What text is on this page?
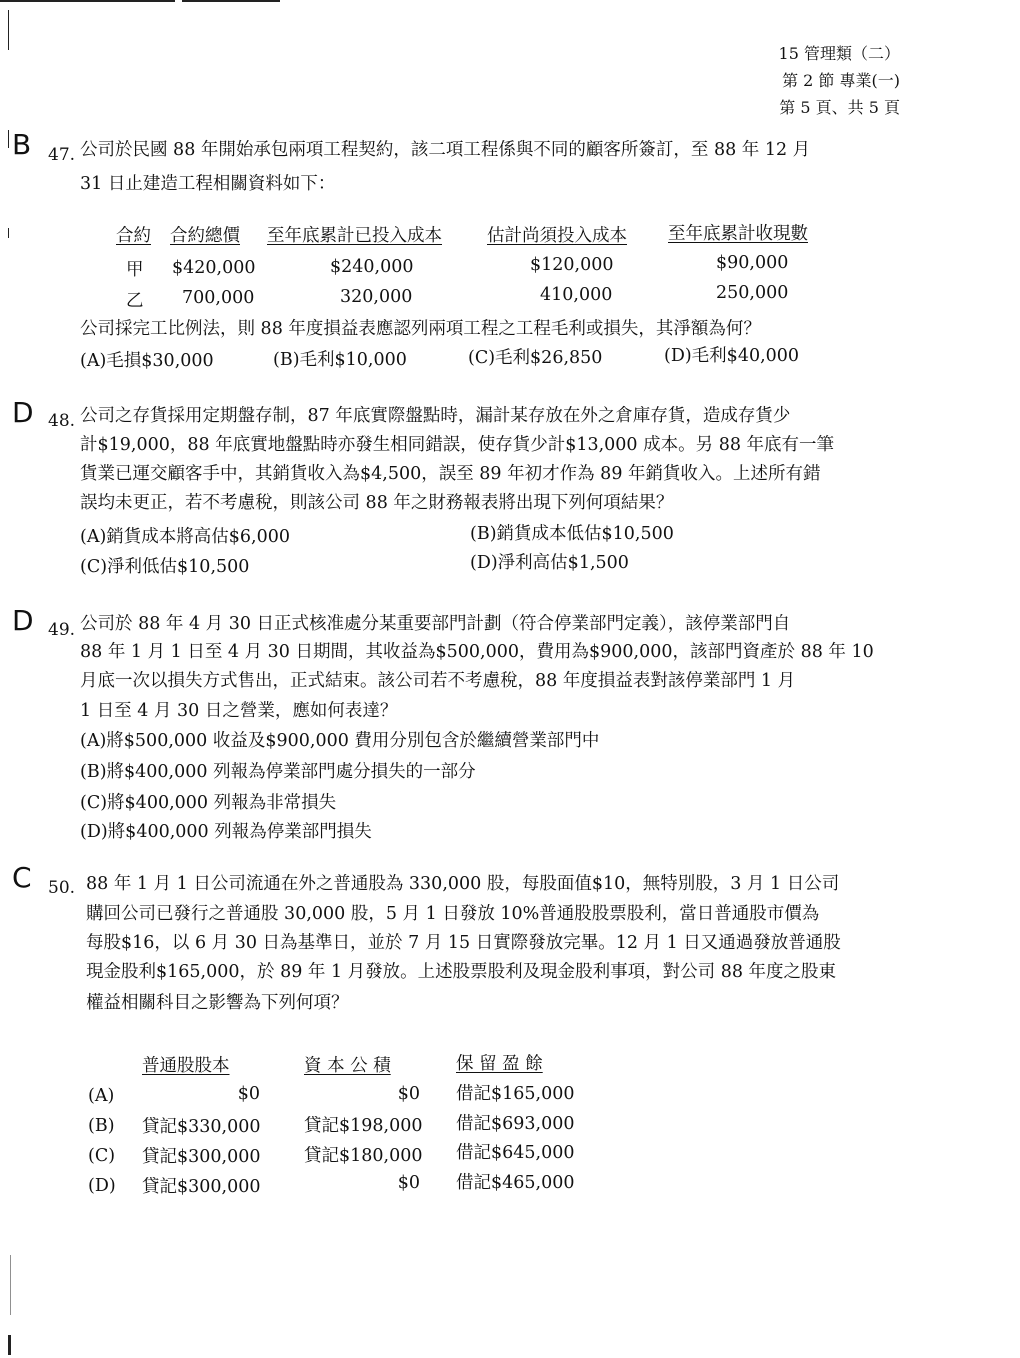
15 管理類（二）
第 2 節 專業(一)
第 5 頁、共 5 頁
B 47. 公司於民國 88 年開始承包兩項工程契約，該二項工程係與不同的顧客所簽訂，至 88 年 12 月
31 日止建造工程相關資料如下：
合約 合約總價 至年底累計已投入成本	估計尚須投入成本 至年底累計收現數
甲 $420,000	$240,000	$120,000	$90,000
乙 700,000	320,000	410,000	250,000
公司採完工比例法，則 88 年度損益表應認列兩項工程之工程毛利或損失，其淨額為何？
(A)毛損$30,000	(B)毛利$10,000	(C)毛利$26,850	(D)毛利$40,000
D 48. 公司之存貨採用定期盤存制，87 年底實際盤點時，漏計某存放在外之倉庫存貨，造成存貨少
計$19,000，88 年底實地盤點時亦發生相同錯誤，使存貨少計$13,000 成本。另 88 年底有一筆
貨業已運交顧客手中，其銷貨收入為$4,500，誤至 89 年初才作為 89 年銷貨收入。上述所有錯
誤均未更正，若不考慮稅，則該公司 88 年之財務報表將出現下列何項結果？
(A)銷貨成本將高估$6,000	(B)銷貨成本低估$10,500
(C)淨利低估$10,500	(D)淨利高估$1,500
D 49. 公司於 88 年 4 月 30 日正式核准處分某重要部門計劃（符合停業部門定義），該停業部門自
88 年 1 月 1 日至 4 月 30 日期間，其收益為$500,000，費用為$900,000，該部門資產於 88 年 10
月底一次以損失方式售出，正式結束。該公司若不考慮稅，88 年度損益表對該停業部門 1 月
1 日至 4 月 30 日之營業，應如何表達？
(A)將$500,000 收益及$900,000 費用分別包含於繼續營業部門中
(B)將$400,000 列報為停業部門處分損失的一部分
(C)將$400,000 列報為非常損失
(D)將$400,000 列報為停業部門損失
C 50. 88 年 1 月 1 日公司流通在外之普通股為 330,000 股，每股面值$10，無特別股，3 月 1 日公司
購回公司已發行之普通股 30,000 股，5 月 1 日發放 10%普通股股票股利，當日普通股市價為
每股$16，以 6 月 30 日為基準日，並於 7 月 15 日實際發放完畢。12 月 1 日又通過發放普通股
現金股利$165,000，於 89 年 1 月發放。上述股票股利及現金股利事項，對公司 88 年度之股東
權益相關科目之影響為下列何項？
普通股股本	資 本 公 積	保 留 盈 餘
(A)	$0	$0 借記$165,000
(B) 貸記$330,000 貸記$198,000 借記$693,000
(C) 貸記$300,000 貸記$180,000 借記$645,000
(D) 貸記$300,000	$0 借記$465,000
